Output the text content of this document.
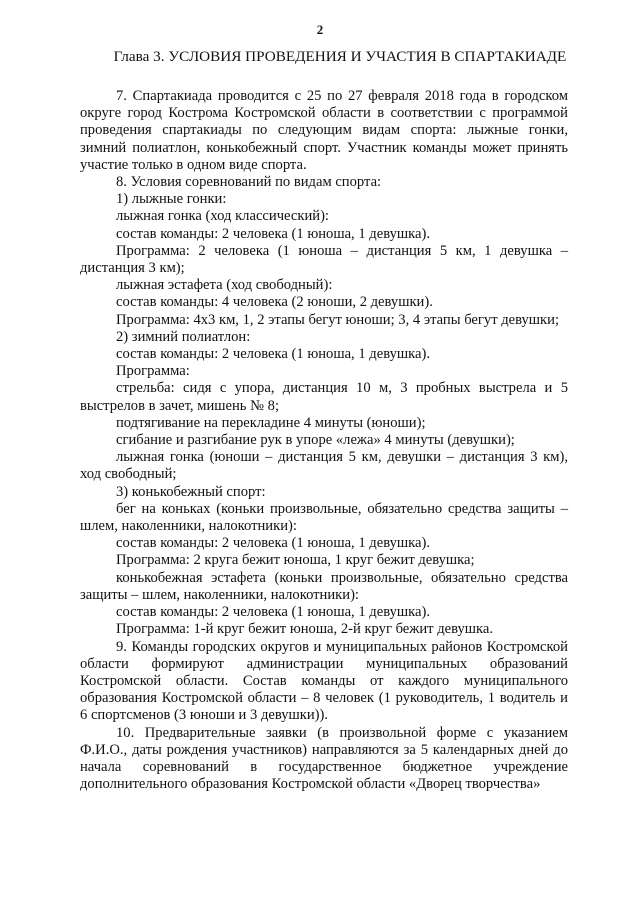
2
Глава 3. УСЛОВИЯ ПРОВЕДЕНИЯ И УЧАСТИЯ В СПАРТАКИАДЕ

7. Спартакиада проводится с 25 по 27 февраля 2018 года в городском округе город Кострома Костромской области в соответствии с программой проведения спартакиады по следующим видам спорта: лыжные гонки, зимний полиатлон, конькобежный спорт. Участник команды может принять участие только в одном виде спорта.

8. Условия соревнований по видам спорта:

1) лыжные гонки:

лыжная гонка (ход классический):

состав команды: 2 человека (1 юноша, 1 девушка).

Программа: 2 человека (1 юноша – дистанция 5 км, 1 девушка – дистанция 3 км);

лыжная эстафета (ход свободный):

состав команды: 4 человека (2 юноши, 2 девушки).

Программа: 4х3 км, 1, 2 этапы бегут юноши; 3, 4 этапы бегут девушки;

2) зимний полиатлон:

состав команды: 2 человека (1 юноша, 1 девушка).

Программа:

стрельба: сидя с упора, дистанция 10 м, 3 пробных выстрела и 5 выстрелов в зачет, мишень № 8;

подтягивание на перекладине 4 минуты (юноши);

сгибание и разгибание рук в упоре «лежа» 4 минуты (девушки);

лыжная гонка (юноши – дистанция 5 км, девушки – дистанция 3 км), ход свободный;

3) конькобежный спорт:

бег на коньках (коньки произвольные, обязательно средства защиты – шлем, наколенники, налокотники):

состав команды: 2 человека (1 юноша, 1 девушка).

Программа: 2 круга бежит юноша, 1 круг бежит девушка;

конькобежная эстафета (коньки произвольные, обязательно средства защиты – шлем, наколенники, налокотники):

состав команды: 2 человека (1 юноша, 1 девушка).

Программа: 1-й круг бежит юноша, 2-й круг бежит девушка.

9. Команды городских округов и муниципальных районов Костромской области формируют администрации муниципальных образований Костромской области. Состав команды от каждого муниципального образования Костромской области – 8 человек (1 руководитель, 1 водитель и 6 спортсменов (3 юноши и 3 девушки)).

10. Предварительные заявки (в произвольной форме с указанием Ф.И.О., даты рождения участников) направляются за 5 календарных дней до начала соревнований в государственное бюджетное учреждение дополнительного образования Костромской области «Дворец творчества»
